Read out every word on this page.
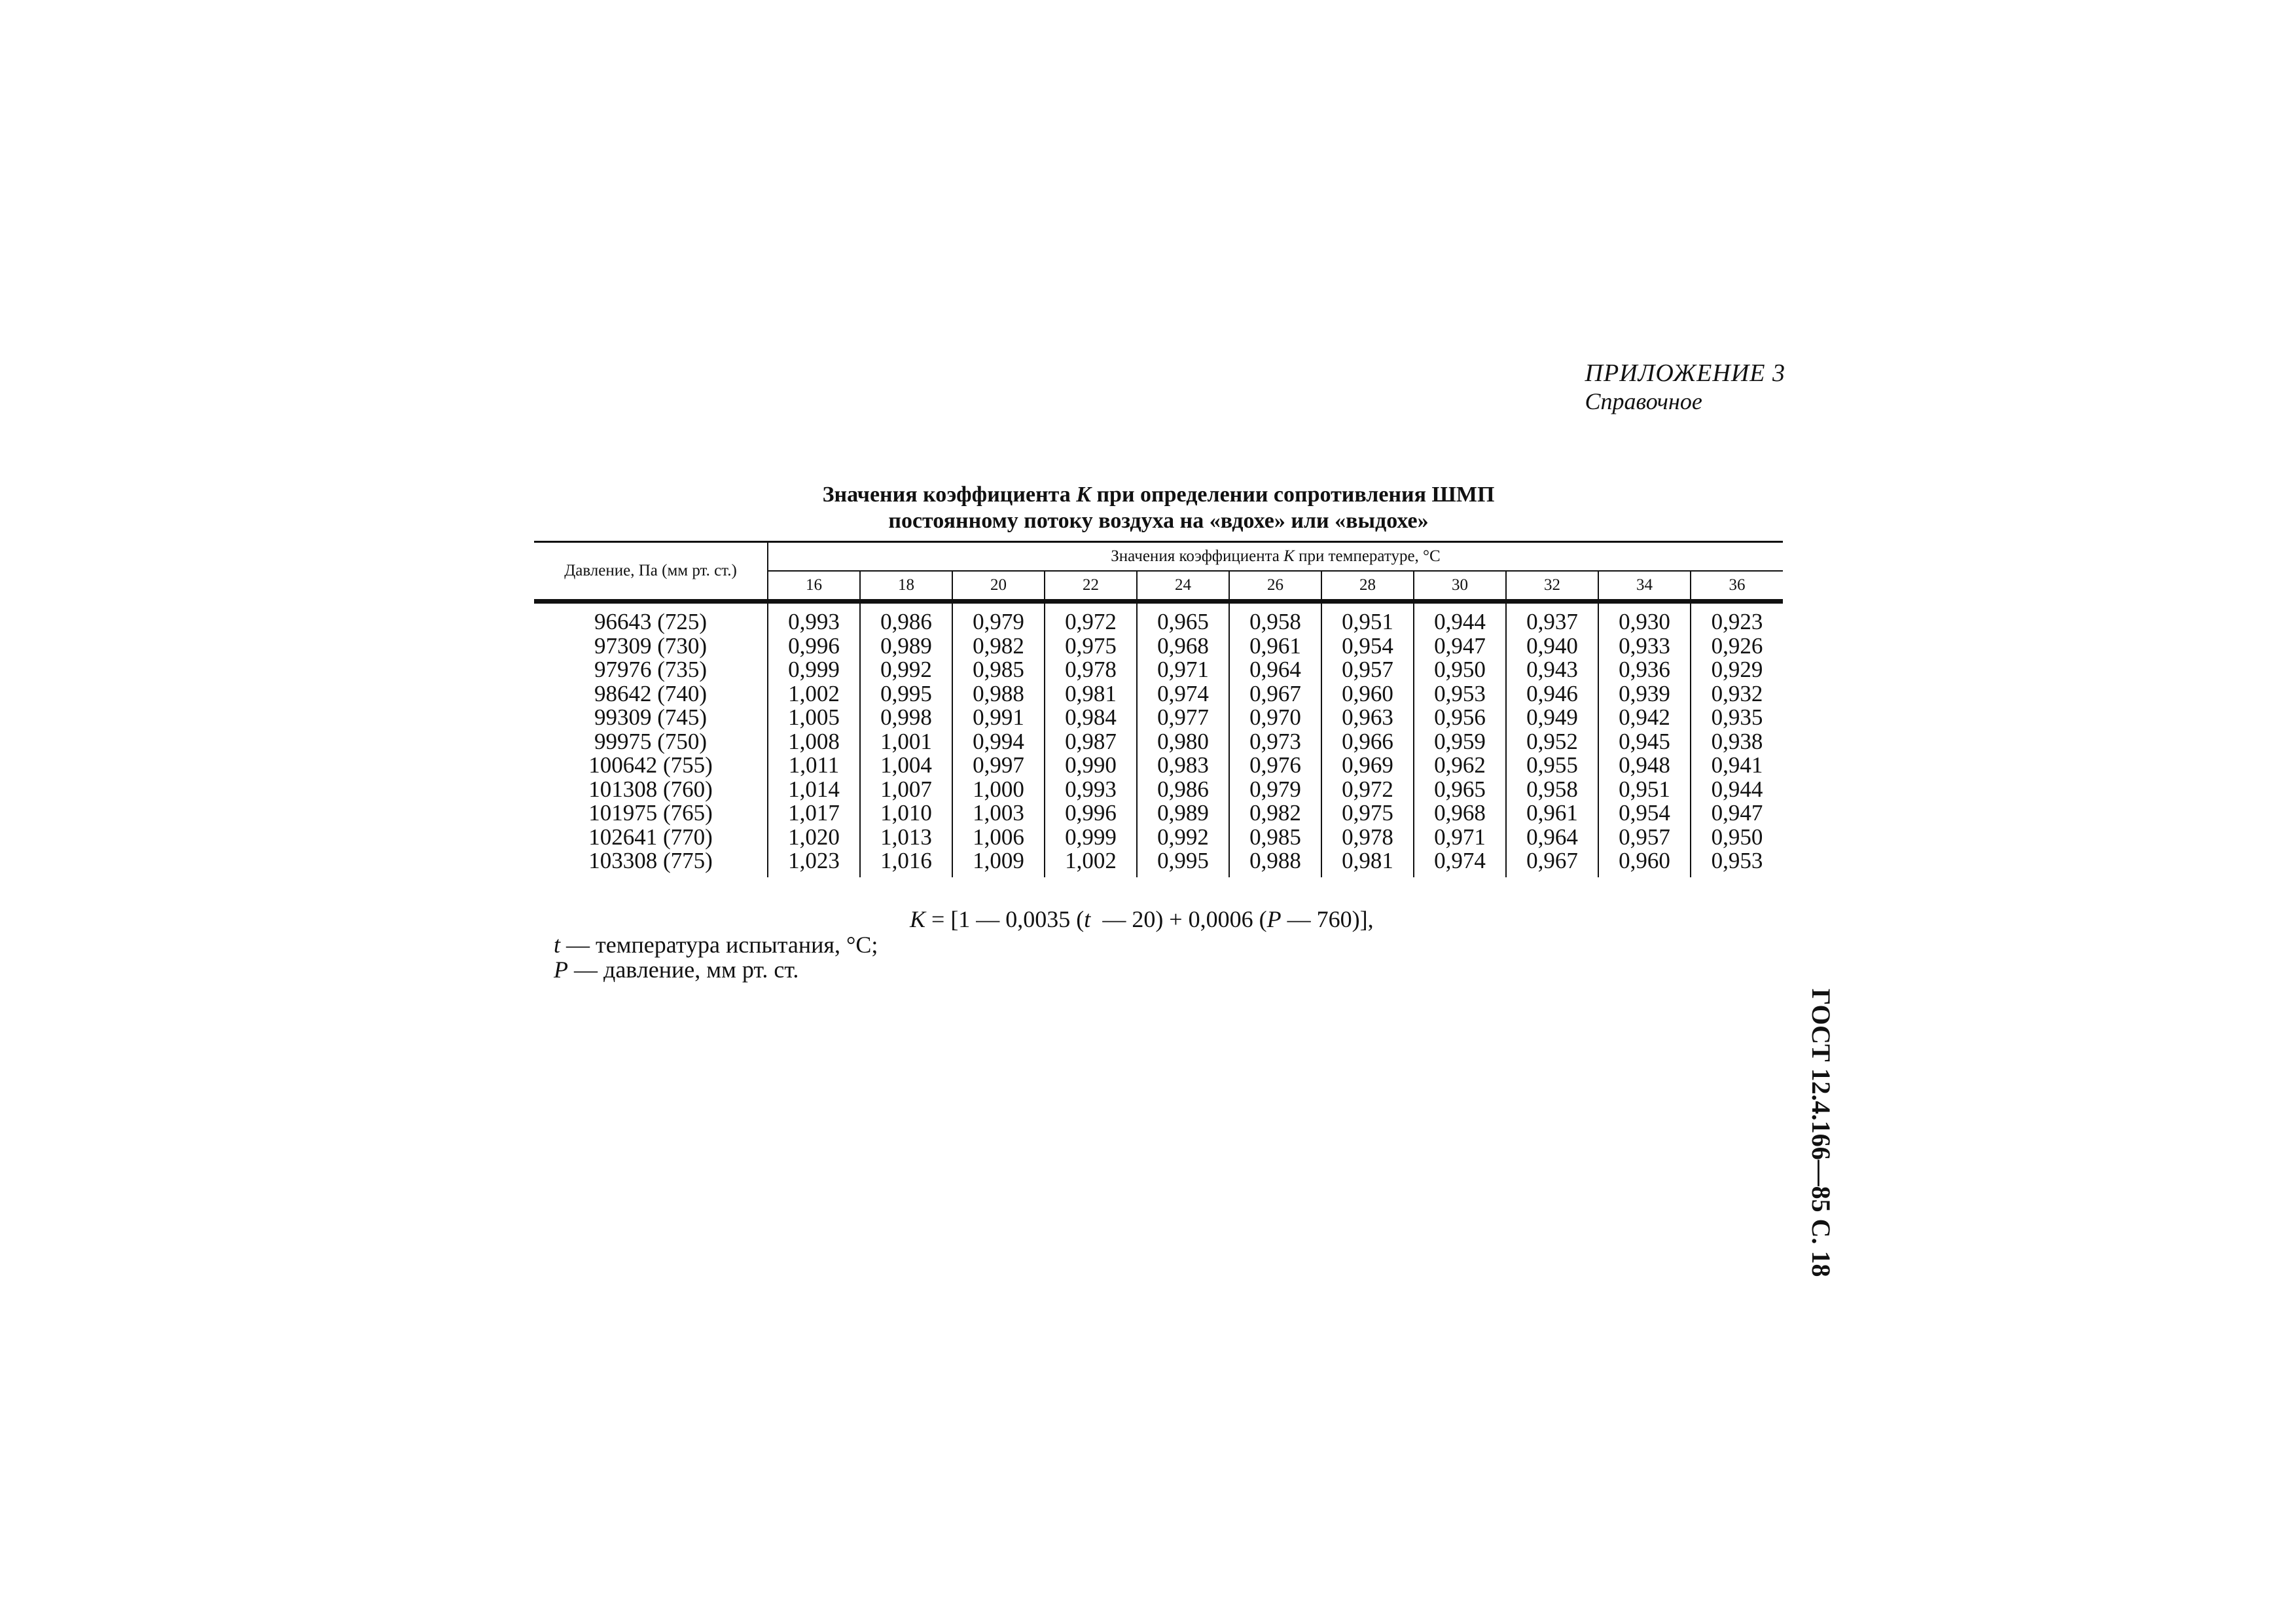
ПРИЛОЖЕНИЕ 3
Справочное
Значения коэффициента K при определении сопротивления ШМП
постоянному потоку воздуха на «вдохе» или «выдохе»
Давление, Па (мм рт. ст.)	Значения коэффициента K при температуре, °С										
	16	18	20	22	24	26	28	30	32	34	36
96643 (725)	0,993	0,986	0,979	0,972	0,965	0,958	0,951	0,944	0,937	0,930	0,923
97309 (730)	0,996	0,989	0,982	0,975	0,968	0,961	0,954	0,947	0,940	0,933	0,926
97976 (735)	0,999	0,992	0,985	0,978	0,971	0,964	0,957	0,950	0,943	0,936	0,929
98642 (740)	1,002	0,995	0,988	0,981	0,974	0,967	0,960	0,953	0,946	0,939	0,932
99309 (745)	1,005	0,998	0,991	0,984	0,977	0,970	0,963	0,956	0,949	0,942	0,935
99975 (750)	1,008	1,001	0,994	0,987	0,980	0,973	0,966	0,959	0,952	0,945	0,938
100642 (755)	1,011	1,004	0,997	0,990	0,983	0,976	0,969	0,962	0,955	0,948	0,941
101308 (760)	1,014	1,007	1,000	0,993	0,986	0,979	0,972	0,965	0,958	0,951	0,944
101975 (765)	1,017	1,010	1,003	0,996	0,989	0,982	0,975	0,968	0,961	0,954	0,947
102641 (770)	1,020	1,013	1,006	0,999	0,992	0,985	0,978	0,971	0,964	0,957	0,950
103308 (775)	1,023	1,016	1,009	1,002	0,995	0,988	0,981	0,974	0,967	0,960	0,953
K = [1 — 0,0035 (t  — 20) + 0,0006 (P — 760)],
t — температура испытания, °С;
P — давление, мм рт. ст.
ГОСТ 12.4.166—85 С. 18
